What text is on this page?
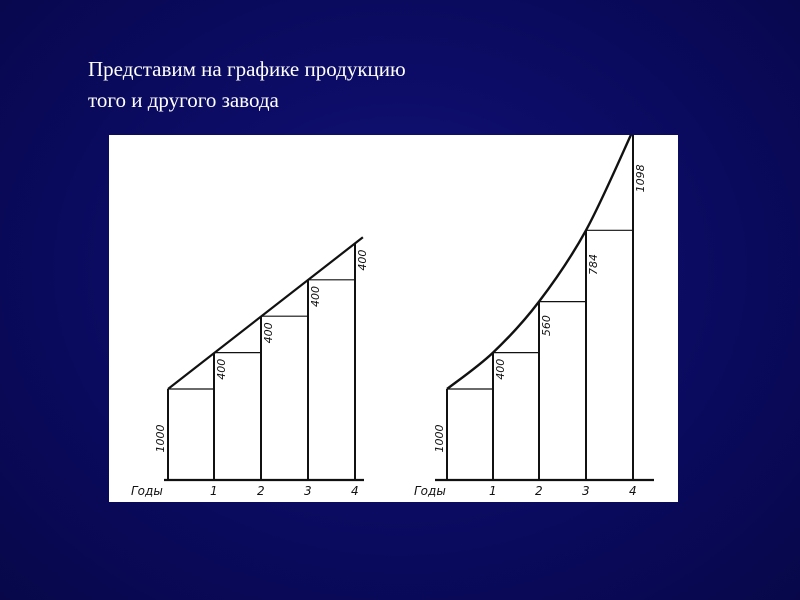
Представим на графике продукцию
того и другого завода
Годы	1	2	3	4
1000
400
400
400
400
Годы	1	2	3	4
1000
400
560
784
1098
